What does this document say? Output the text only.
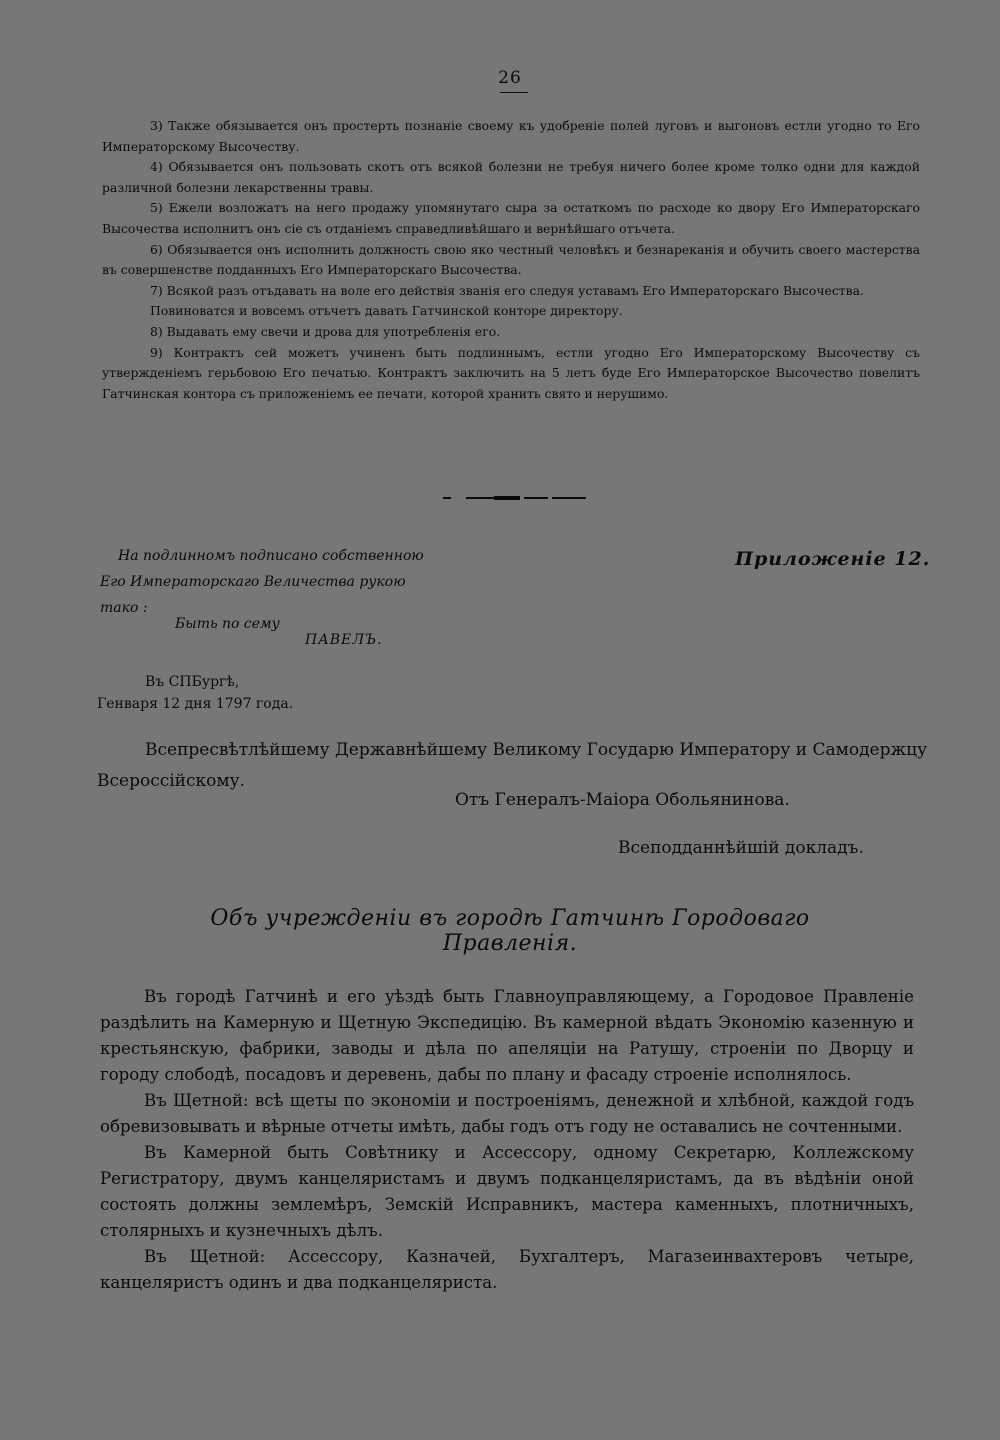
26

3) Также обязывается онъ простерть познаніе своему къ удобреніе полей луговъ и выгоновъ естли угодно то Его Императорскому Высочеству.

4) Обязывается онъ пользовать скотъ отъ всякой болезни не требуя ничего более кроме толко одни для каждой различной болезни лекарственны травы.

5) Ежели возложатъ на него продажу упомянутаго сыра за остаткомъ по расходе ко двору Его Императорскаго Высочества исполнитъ онъ сіе съ отданіемъ справедливѣйшаго и вернѣйшаго отъчета.

6) Обязывается онъ исполнить должность свою яко честный человѣкъ и безнареканія и обучить своего мастерства въ совершенстве подданныхъ Его Императорскаго Высочества.

7) Всякой разъ отъдавать на воле его действія званія его следуя уставамъ Его Императорскаго Высочества.

Повиноватся и вовсемъ отъчетъ давать Гатчинской конторе директору.

8) Выдавать ему свечи и дрова для употребленія его.

9) Контрактъ сей можетъ учиненъ быть подлиннымъ, естли угодно Его Императорскому Высочеству съ утвержденіемъ герьбовою Его печатью. Контрактъ заключить на 5 летъ буде Его Императорское Высочество повелитъ Гатчинская контора съ приложеніемъ ее печати, которой хранить свято и нерушимо.

На подлинномъ подписано собственною
Его Императорскаго Величества рукою
тако :
Быть по сему
ПАВЕЛЪ.
Приложеніе 12.
Въ СПБургѣ,
Генваря 12 дня 1797 года.
Всепресвѣтлѣйшему Державнѣйшему Великому Государю Императору и Самодержцу
Всероссійскому.
Отъ Генералъ-Маіора Обольянинова.
Всеподданнѣйшій докладъ.
Объ учрежденіи въ городѣ Гатчинѣ Городоваго Правленія.

Въ городѣ Гатчинѣ и его уѣздѣ быть Главноуправляющему, а Городовое Правленіе раздѣлить на Камерную и Щетную Экспедицію. Въ камерной вѣдать Экономію казенную и крестьянскую, фабрики, заводы и дѣла по апеляціи на Ратушу, строеніи по Дворцу и городу слободѣ, посадовъ и деревень, дабы по плану и фасаду строеніе исполнялось.

Въ Щетной: всѣ щеты по экономіи и построеніямъ, денежной и хлѣбной, каждой годъ обревизовывать и вѣрные отчеты имѣть, дабы годъ отъ году не оставались не сочтенными.

Въ Камерной быть Совѣтнику и Ассессору, одному Секретарю, Коллежскому Регистратору, двумъ канцеляристамъ и двумъ подканцеляристамъ, да въ вѣдѣніи оной состоять должны землемѣръ, Земскій Исправникъ, мастера каменныхъ, плотничныхъ, столярныхъ и кузнечныхъ дѣлъ.

Въ Щетной: Ассессору, Казначей, Бухгалтеръ, Магазеинвахтеровъ четыре, канцеляристъ одинъ и два подканцеляриста.
